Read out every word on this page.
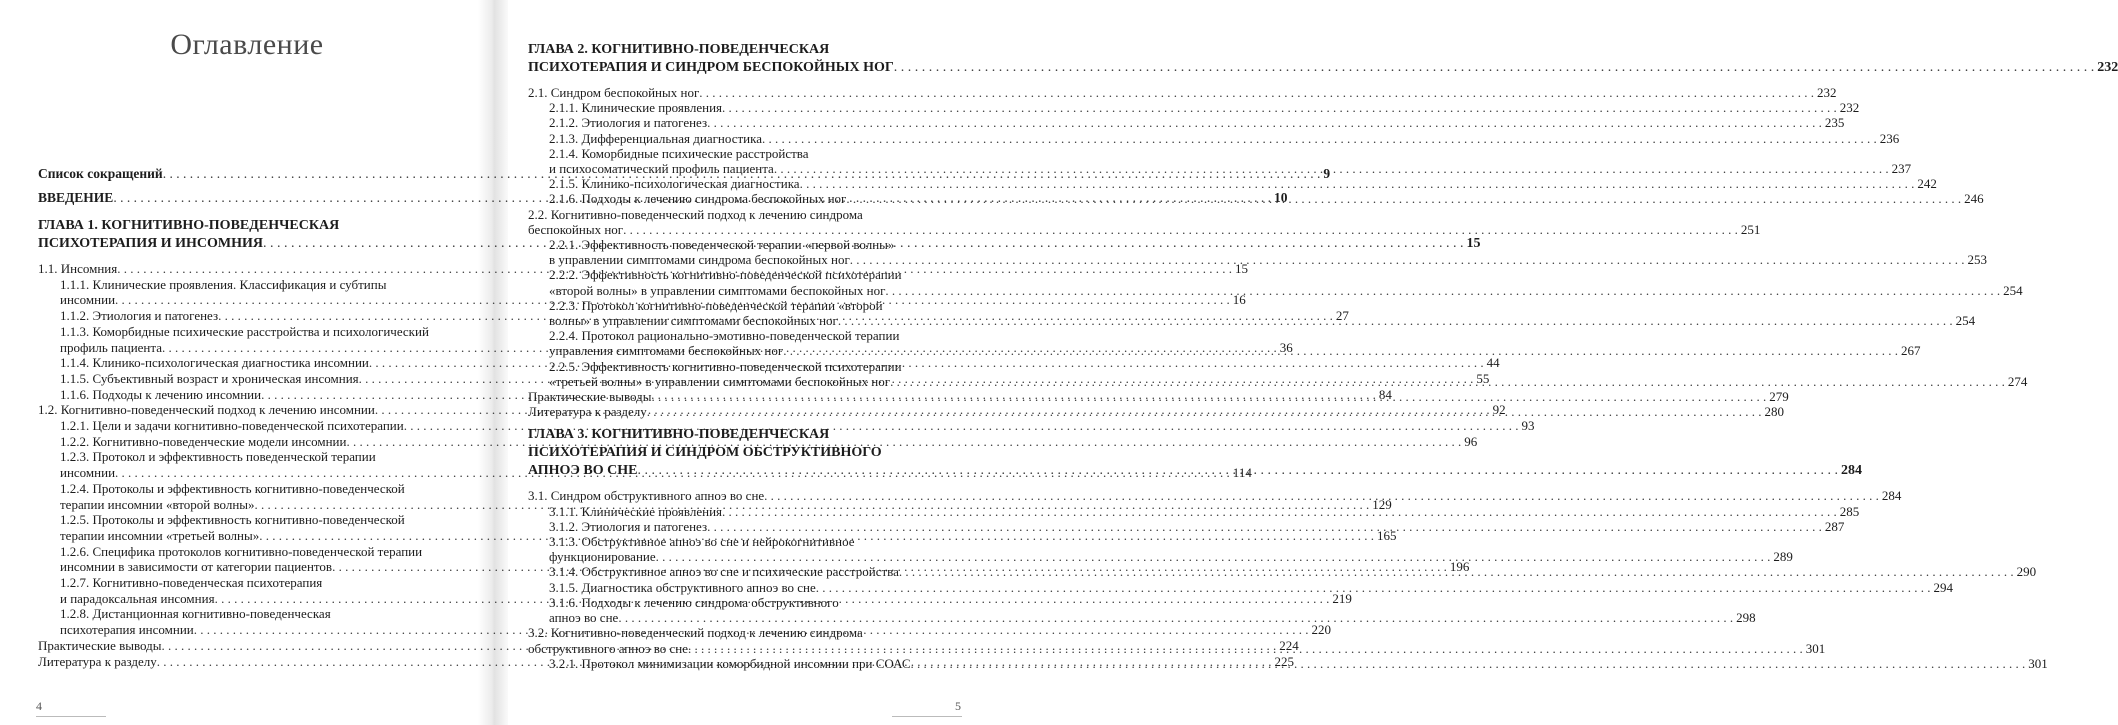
Оглавление
Список сокращений . . .	9
ВВЕДЕНИЕ . . .	10
ГЛАВА 1. КОГНИТИВНО-ПОВЕДЕНЧЕСКАЯ
ПСИХОТЕРАПИЯ И ИНСОМНИЯ . . .	15
1.1. Инсомния . . .	15
1.1.1. Клинические проявления. Классификация и субтипы
инсомнии . . .	16
1.1.2. Этиология и патогенез . . .	27
1.1.3. Коморбидные психические расстройства и психологический
профиль пациента . . .	36
1.1.4. Клинико-психологическая диагностика инсомнии . . .	44
1.1.5. Субъективный возраст и хроническая инсомния . . .	55
1.1.6. Подходы к лечению инсомнии . . .	84
1.2. Когнитивно-поведенческий подход к лечению инсомнии . . .	92
1.2.1. Цели и задачи когнитивно-поведенческой психотерапии . . .	93
1.2.2. Когнитивно-поведенческие модели инсомнии . . .	96
1.2.3. Протокол и эффективность поведенческой терапии
инсомнии . . .	114
1.2.4. Протоколы и эффективность когнитивно-поведенческой
терапии инсомнии «второй волны» . . .	129
1.2.5. Протоколы и эффективность когнитивно-поведенческой
терапии инсомнии «третьей волны» . . .	165
1.2.6. Специфика протоколов когнитивно-поведенческой терапии
инсомнии в зависимости от категории пациентов . . .	196
1.2.7. Когнитивно-поведенческая психотерапия
и парадоксальная инсомния . . .	219
1.2.8. Дистанционная когнитивно-поведенческая
психотерапия инсомнии . . .	220
Практические выводы . . .	224
Литература к разделу . . .	225
4
ГЛАВА 2. КОГНИТИВНО-ПОВЕДЕНЧЕСКАЯ
ПСИХОТЕРАПИЯ И СИНДРОМ БЕСПОКОЙНЫХ НОГ . . .	232
2.1. Синдром беспокойных ног . . .	232
2.1.1. Клинические проявления . . .	232
2.1.2. Этиология и патогенез . . .	235
2.1.3. Дифференциальная диагностика . . .	236
2.1.4. Коморбидные психические расстройства
и психосоматический профиль пациента . . .	237
2.1.5. Клинико-психологическая диагностика . . .	242
2.1.6. Подходы к лечению синдрома беспокойных ног . . .	246
2.2. Когнитивно-поведенческий подход к лечению синдрома
беспокойных ног . . .	251
2.2.1. Эффективность поведенческой терапии «первой волны»
в управлении симптомами синдрома беспокойных ног . . .	253
2.2.2. Эффективность когнитивно-поведенческой психотерапии
«второй волны» в управлении симптомами беспокойных ног . . .	254
2.2.3. Протокол когнитивно-поведенческой терапии «второй
волны» в управлении симптомами беспокойных ног . . .	254
2.2.4. Протокол рационально-эмотивно-поведенческой терапии
управления симптомами беспокойных ног . . .	267
2.2.5. Эффективность когнитивно-поведенческой психотерапии
«третьей волны» в управлении симптомами беспокойных ног . . .	274
Практические выводы . . .	279
Литература к разделу . . .	280
ГЛАВА 3. КОГНИТИВНО-ПОВЕДЕНЧЕСКАЯ
ПСИХОТЕРАПИЯ И СИНДРОМ ОБСТРУКТИВНОГО
АПНОЭ ВО СНЕ . . .	284
3.1. Синдром обструктивного апноэ во сне . . .	284
3.1.1. Клинические проявления . . .	285
3.1.2. Этиология и патогенез . . .	287
3.1.3. Обструктивное апноэ во сне и нейрокогнитивное
функционирование . . .	289
3.1.4. Обструктивное апноэ во сне и психические расстройства . . .	290
3.1.5. Диагностика обструктивного апноэ во сне . . .	294
3.1.6. Подходы к лечению синдрома обструктивного
апноэ во сне . . .	298
3.2. Когнитивно-поведенческий подход к лечению синдрома
обструктивного апноэ во сне . . .	301
3.2.1. Протокол минимизации коморбидной инсомнии при СОАС . . .	301
5
